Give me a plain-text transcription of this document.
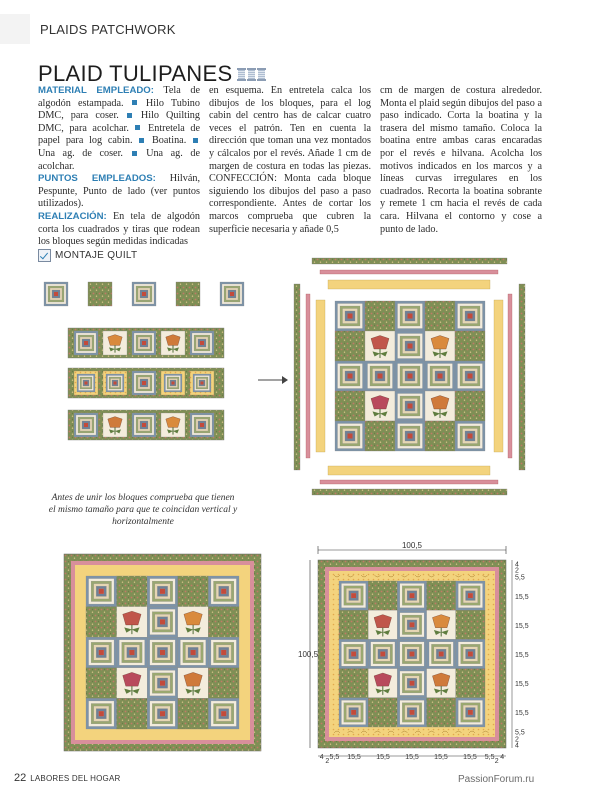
PLAIDS PATCHWORK
PLAID TULIPANES

MATERIAL EMPLEADO: Tela de algodón estampada.  Hilo Tubino DMC, para coser.  Hilo Quilting DMC, para acolchar.  Entretela de papel para log cabin.  Boatina.  Una ag. de coser.  Una ag. de acolchar.
PUNTOS EMPLEADOS: Hilván, Pespunte, Punto de lado (ver puntos utilizados).
REALIZACIÓN: En tela de algodón corta los cuadrados y tiras que rodean los bloques según medidas indicadas

en esquema. En entretela calca los dibujos de los bloques, para el log cabin del centro has de calcar cuatro veces el patrón. Ten en cuenta la dirección que toman una vez montados y cálcalos por el revés. Añade 1 cm de margen de costura en todas las piezas. CONFECCIÓN: Monta cada bloque siguiendo los dibujos del paso a paso correspondiente. Antes de cortar los marcos comprueba que cubren la superficie necesaria y añade 0,5

cm de margen de costura alrededor. Monta el plaid según dibujos del paso a paso indicado. Corta la boatina y la trasera del mismo tamaño. Coloca la boatina entre ambas caras encaradas por el revés e hilvana. Acolcha los motivos indicados en los marcos y a líneas curvas irregulares en los cuadrados. Recorta la boatina sobrante y remete 1 cm hacia el revés de cada cara. Hilvana el contorno y cose a punto de lado.

MONTAJE QUILT
Antes de unir los bloques comprueba que tienen el mismo tamaño para que te coincidan vertical y horizontalmente
100,5
100,5
4
2
5,5 15,5 15,5 15,5 15,5 15,5 5,5
2
4
4
2
5,5
15,5
15,5
15,5
15,5
15,5
5,5
2
4
22 LABORES DEL HOGAR	PassionForum.ru
